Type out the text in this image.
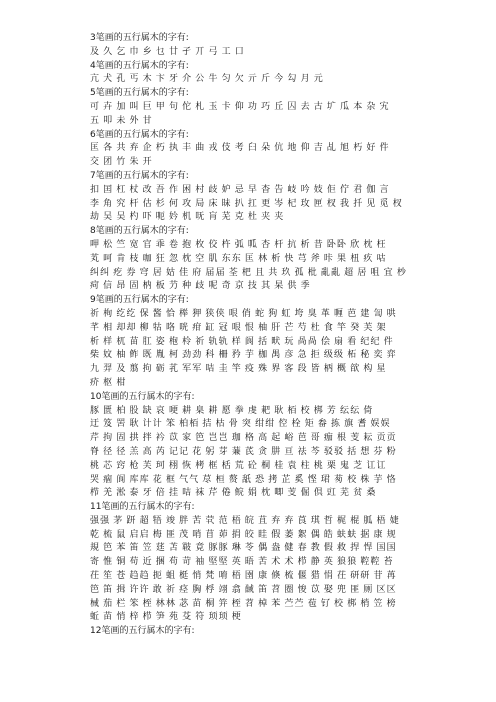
3笔画的五行属木的字有:
及 久 乞 巾 乡 乜 廿 孑 丌 弓 工 口
4笔画的五行属木的字有:
亢 犬 孔 丐 木 卞 牙 介 公 牛 匀 欠 亓 斤 今 勾 月 元
5笔画的五行属木的字有:
可 卉 加 叫 巨 甲 句 佗 札 玉 卡 仰 功 巧 丘 囚 去 古 圹 瓜 本 杂 宄
五 叩 未 外 甘
6笔画的五行属木的字有:
匡 各 共 弃 企 朽 执 丰 曲 戎 伎 考 臼 朵 伉 地 仰 吉 乩 旭 朽 好 件
交 团 竹 朱 开
7笔画的五行属木的字有:
扣 囯 杠 杖 改 吾 作 困 村 歧 妒 忌 早 杳 告 岐 吟 妓 佢 佇 君 伽 言
李 角 究 杆 估 杉 何 攻 局 床 昧 扒 扛 更 岑 杞 玫 匣 杈 我 扦 见 觅 杈
劫 吴 吴 杓 吓 呃 妗 机 呒 肓 芜 克 杜 夹 夹
8笔画的五行属木的字有:
呷 松 竺 宽 官 乖 卷 抱 枚 佼 杵 弧 呱 杏 杆 抗 析 昔 卧卧 欣 枕 枉
芄 呵 肯 枝 咖 狂 忽 枕 空 肌 东东 匡 林 析 快 芎 斧 咔 果 杻 疚 咕
纠纠 疙 券 穹 居 姑 佳 府 届届 荃 杷 且 共 玖 孤 枇 亂亂 超 居 咀 宜 杪
疴 信 昂 固 枘 板 芀 种 歧 呢 奇 京 技 其 杲 供 季
9笔画的五行属木的字有:
祈 栒 纥纥 保 酱 恰 榉 狎 狭侠 哏 俏 蛇 狗 虹 垮 臭 革 喱 芭 建 訇 哄
芊 相 却却 柳 牯 咯 咣 疳 缸 冠 哏 恨 柚 肝 芒 芍 杜 食 竿 癸 芙 架
析 样 杌 苗 肛 姿 枹 柃 祈 轨轨 样 阆 括 畎 玩 咼咼 侩 扇 看 纪纪 件
柴 妏 柚 鲊 既 胤 柯 劲劲 科 柵 矜 芋 枷 禺 彦 急 拒 级级 柘 秘 奕 弈
九 羿 及 翦 拘 砺 芤 军军 咭 圭 竿 疫 殊 界 客 段 皆 柄 概 欿 构 星
疥 枢 柑
10笔画的五行属木的字有:
豚 匮 柏 股 缺 哀 哽 耕 臬 耕 愿 拳 虔 耙 耿 栢 校 梆 芳 纭纭 倚
迂 笈 罟 耿 计计 笨 柏栢 拮 枯 骨 突 绀绀 倥 栓 矩 畚 拣 旗 耆 娱娱
芹 拘 固 拱 拌 衿 苡 家 笆 岂岂 珈 格 高 起 峪 芭 哥 痂 根 芰 耘 贡贡
脊 径 径 羔 高 芮 记记 花 躬 芽 蒹 芪 贪 肼 亘 祛 芩 驳驳 括 想 芬 粉
桃 芯 窍 枪 芙 珂 栩 恢 栲 框 栝 荒 砼 桐 桂 袁 柱 桃 栗 鬼 芝 讧讧
哭 痼 阆 库库 花 框 气气 荩 桓 赘 舐 恐 拷 芷 奚 悭 珺 茐 校 株 芋 恪
栉 羌 淞 泰 牙 倍 挂 咭 袜 芹 倦 鲩 娟 枕 唧 芰 倔 倶 豇 芜 贫 桑
11笔画的五行属木的字有:
强强 茅 趼 超 牾 竣 胖 苦 茕 范 梧 皖 苴 弃 弃 莨 琪 哲 梶 棍 胍 梧 婕
乾 梳 鼠 启启 梅 匪 茂 哨 苜 茆 捐 皎 眭 假 萎 絮 偶 皓 蚨蚨 据 康 规
規 笆 苯 笛 笠 莛 苫 皲 竟 豚豚 琳 苓 偶 盎 健 春 教 假 救 捍 悍 国国
寄 惟 铜 苟 近 捆 苟 苛 袖 堅堅 英 晤 苦 术 术 栉 静 英 狼狼 鞚鞚 苔
茌 笙 苍 趋趋 扼 蛆 梃 悄 梵 唷 梧 圉 康 倏 梳 偃 猎 悁 茌 研研 苷 苒
笆 笛 揖 许许 敢 祈 痉 胸 桴 翊 翕 馘 笛 苕 圈 悛 苡 娶 兜 匪 厕 区区
械 茄 栏 笨 桎 林林 苾 苗 桐 笄 桎 苕 棹 苯 苎苎 苞 钌 校 梆 梢 笠 榜
蚯 苗 悄 梓 栉 笋 苑 芟 符 顼顼 梗
12笔画的五行属木的字有:
